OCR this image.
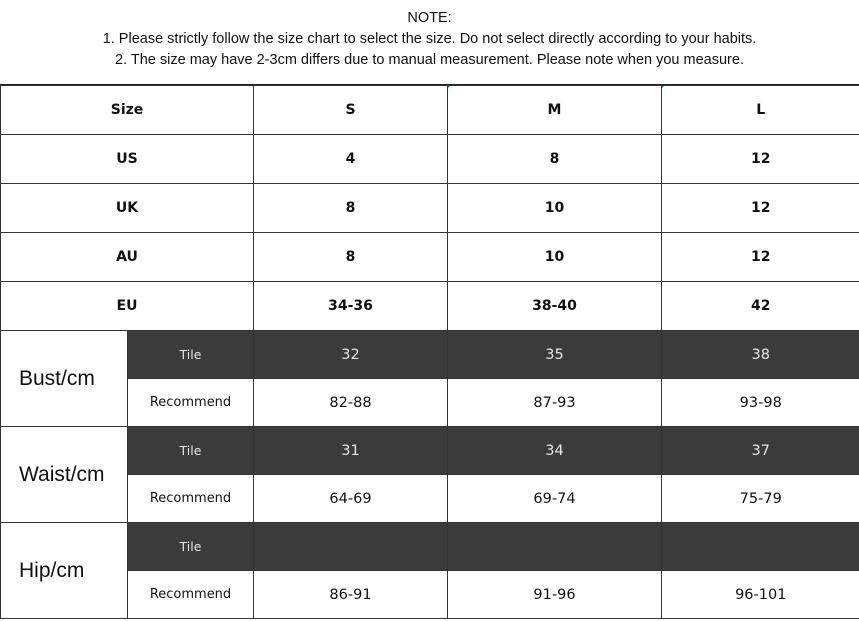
NOTE:
1. Please strictly follow the size chart to select the size. Do not select directly according to your habits.
2. The size may have 2-3cm differs due to manual measurement. Please note when you measure.
Size		S	M	L
US		4	8	12
UK		8	10	12
AU		8	10	12
EU		34-36	38-40	42
Bust/cm	Tile	32	35	38
	Recommend	82-88	87-93	93-98
Waist/cm	Tile	31	34	37
	Recommend	64-69	69-74	75-79
Hip/cm	Tile			
	Recommend	86-91	91-96	96-101
